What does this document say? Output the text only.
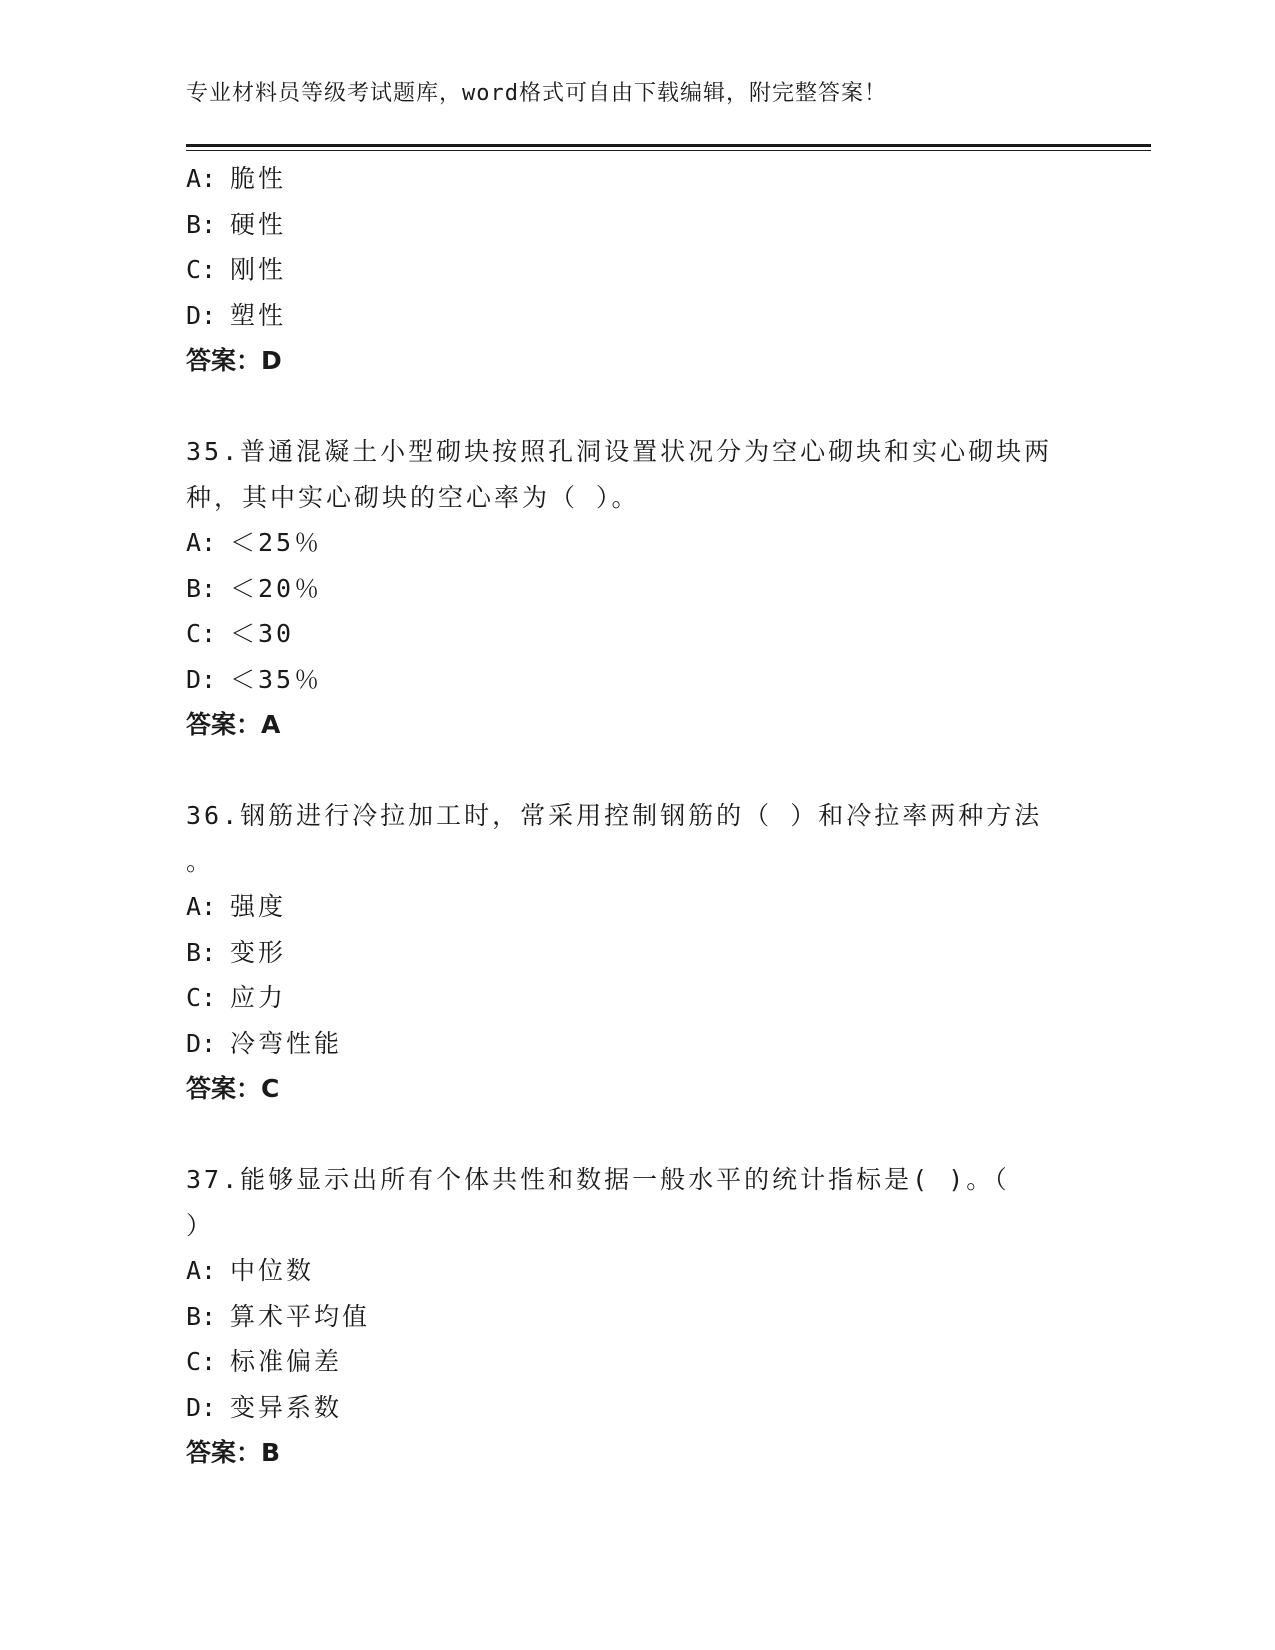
专业材料员等级考试题库，word格式可自由下载编辑，附完整答案！
A: 脆性
B: 硬性
C: 刚性
D: 塑性
答案：D
35.普通混凝土小型砌块按照孔洞设置状况分为空心砌块和实心砌块两
种，其中实心砌块的空心率为（ ）。
A: ＜25％
B: ＜20％
C: ＜30
D: ＜35％
答案：A
36.钢筋进行冷拉加工时，常采用控制钢筋的（ ）和冷拉率两种方法
。
A: 强度
B: 变形
C: 应力
D: 冷弯性能
答案：C
37.能够显示出所有个体共性和数据一般水平的统计指标是( )。（
）
A: 中位数
B: 算术平均值
C: 标准偏差
D: 变异系数
答案：B
